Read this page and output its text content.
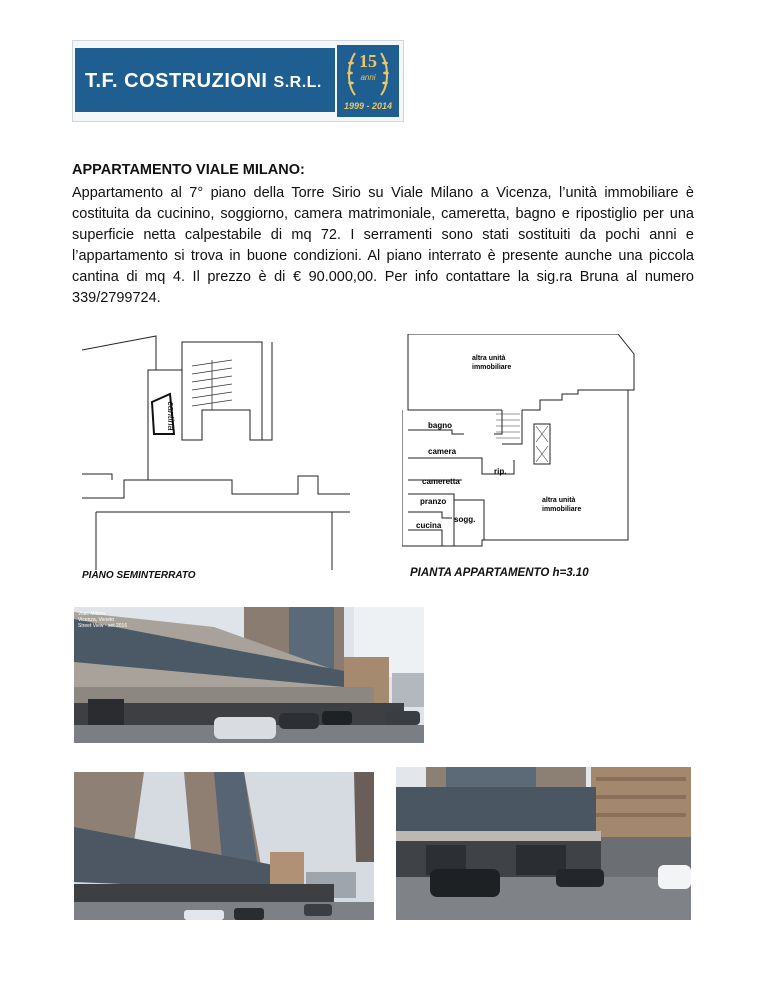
T.F. COSTRUZIONI S.R.L.
15
anni
1999 - 2014
APPARTAMENTO VIALE MILANO:
Appartamento al 7° piano della Torre Sirio su Viale Milano a Vicenza, l’unità immobiliare è costituita da cucinino, soggiorno, camera matrimoniale, cameretta, bagno e ripostiglio per una superficie netta calpestabile di mq 72. I serramenti sono stati sostituiti da pochi anni e l’appartamento si trova in buone condizioni. Al piano interrato è presente aunche una piccola cantina di mq 4. Il prezzo è di € 90.000,00. Per info contattare la sig.ra Bruna al numero 339/2799724.
cantina
PIANO SEMINTERRATO
altra unità
immobiliare
bagno
camera
rip.
cameretta
pranzo
sogg.
cucina
altra unità
immobiliare
PIANTA APPARTAMENTO h=3.10
Viale Milano
Vicenza, Veneto
Street View - set 2016
